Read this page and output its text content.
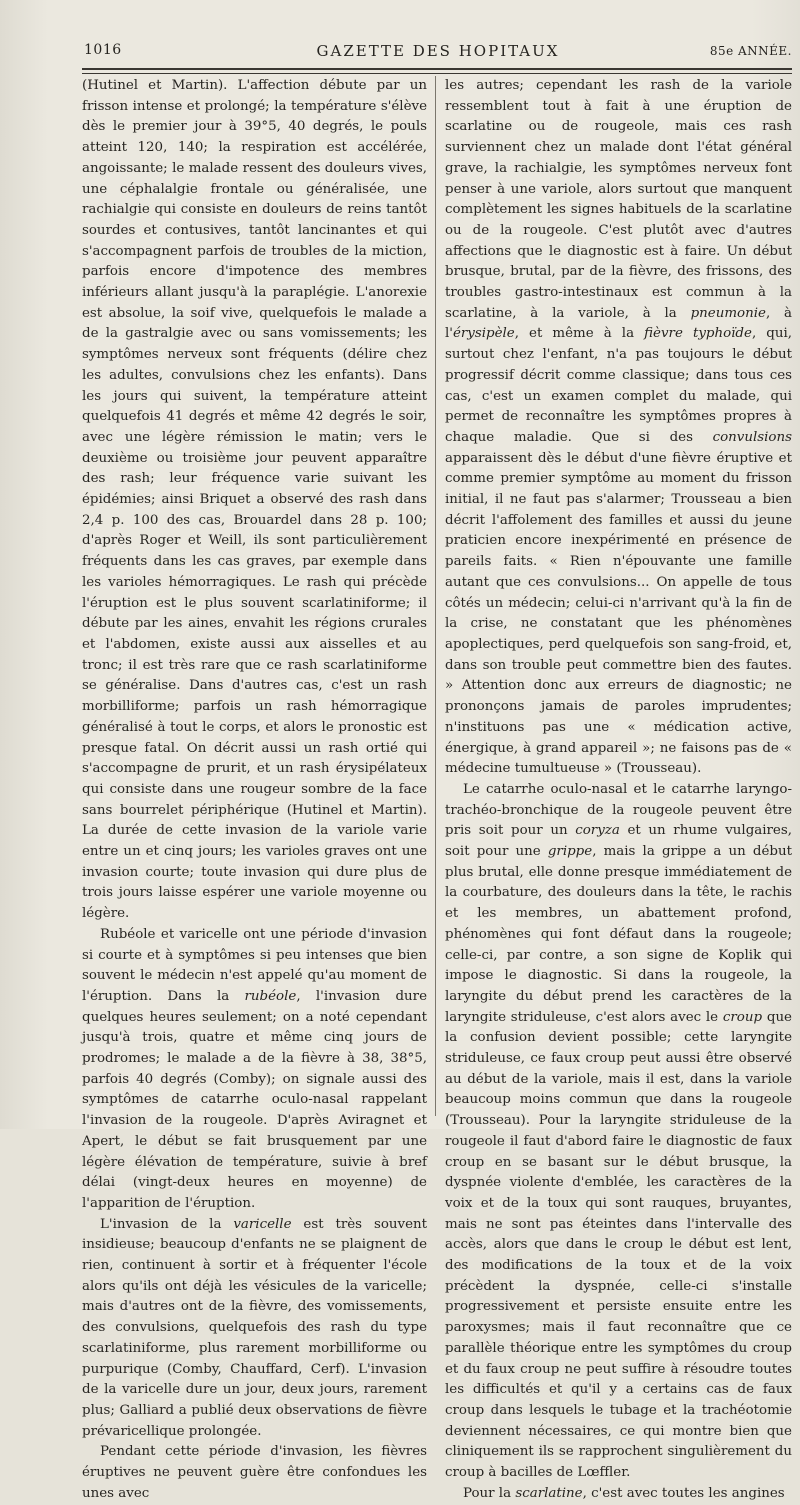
1016	GAZETTE DES HOPITAUX	85e ANNÉE.

(Hutinel et Martin). L'affection débute par un frisson intense et prolongé; la température s'élève dès le premier jour à 39°5, 40 degrés, le pouls atteint 120, 140; la respiration est accélérée, angoissante; le malade ressent des douleurs vives, une céphalalgie frontale ou généralisée, une rachialgie qui consiste en douleurs de reins tantôt sourdes et contusives, tantôt lancinantes et qui s'accompagnent parfois de troubles de la miction, parfois encore d'impotence des membres inférieurs allant jusqu'à la paraplégie. L'anorexie est absolue, la soif vive, quelquefois le malade a de la gastralgie avec ou sans vomissements; les symptômes nerveux sont fréquents (délire chez les adultes, convulsions chez les enfants). Dans les jours qui suivent, la température atteint quelquefois 41 degrés et même 42 degrés le soir, avec une légère rémission le matin; vers le deuxième ou troisième jour peuvent apparaître des rash; leur fréquence varie suivant les épidémies; ainsi Briquet a observé des rash dans 2,4 p. 100 des cas, Brouardel dans 28 p. 100; d'après Roger et Weill, ils sont particulièrement fréquents dans les cas graves, par exemple dans les varioles hémorragiques. Le rash qui précède l'éruption est le plus souvent scarlatiniforme; il débute par les aines, envahit les régions crurales et l'abdomen, existe aussi aux aisselles et au tronc; il est très rare que ce rash scarlatiniforme se généralise. Dans d'autres cas, c'est un rash morbilliforme; parfois un rash hémorragique généralisé à tout le corps, et alors le pronostic est presque fatal. On décrit aussi un rash ortié qui s'accompagne de prurit, et un rash érysipélateux qui consiste dans une rougeur sombre de la face sans bourrelet périphérique (Hutinel et Martin). La durée de cette invasion de la variole varie entre un et cinq jours; les varioles graves ont une invasion courte; toute invasion qui dure plus de trois jours laisse espérer une variole moyenne ou légère.

Rubéole et varicelle ont une période d'invasion si courte et à symptômes si peu intenses que bien souvent le médecin n'est appelé qu'au moment de l'éruption. Dans la rubéole, l'invasion dure quelques heures seulement; on a noté cependant jusqu'à trois, quatre et même cinq jours de prodromes; le malade a de la fièvre à 38, 38°5, parfois 40 degrés (Comby); on signale aussi des symptômes de catarrhe oculo-nasal rappelant l'invasion de la rougeole. D'après Aviragnet et Apert, le début se fait brusquement par une légère élévation de température, suivie à bref délai (vingt-deux heures en moyenne) de l'apparition de l'éruption.

L'invasion de la varicelle est très souvent insidieuse; beaucoup d'enfants ne se plaignent de rien, continuent à sortir et à fréquenter l'école alors qu'ils ont déjà les vésicules de la varicelle; mais d'autres ont de la fièvre, des vomissements, des convulsions, quelquefois des rash du type scarlatiniforme, plus rarement morbilliforme ou purpurique (Comby, Chauffard, Cerf). L'invasion de la varicelle dure un jour, deux jours, rarement plus; Galliard a publié deux observations de fièvre prévaricellique prolongée.

Pendant cette période d'invasion, les fièvres éruptives ne peuvent guère être confondues les unes avec

les autres; cependant les rash de la variole ressemblent tout à fait à une éruption de scarlatine ou de rougeole, mais ces rash surviennent chez un malade dont l'état général grave, la rachialgie, les symptômes nerveux font penser à une variole, alors surtout que manquent complètement les signes habituels de la scarlatine ou de la rougeole. C'est plutôt avec d'autres affections que le diagnostic est à faire. Un début brusque, brutal, par de la fièvre, des frissons, des troubles gastro-intestinaux est commun à la scarlatine, à la variole, à la pneumonie, à l'érysipèle, et même à la fièvre typhoïde, qui, surtout chez l'enfant, n'a pas toujours le début progressif décrit comme classique; dans tous ces cas, c'est un examen complet du malade, qui permet de reconnaître les symptômes propres à chaque maladie. Que si des convulsions apparaissent dès le début d'une fièvre éruptive et comme premier symptôme au moment du frisson initial, il ne faut pas s'alarmer; Trousseau a bien décrit l'affolement des familles et aussi du jeune praticien encore inexpérimenté en présence de pareils faits. « Rien n'épouvante une famille autant que ces convulsions... On appelle de tous côtés un médecin; celui-ci n'arrivant qu'à la fin de la crise, ne constatant que les phénomènes apoplectiques, perd quelquefois son sang-froid, et, dans son trouble peut commettre bien des fautes. » Attention donc aux erreurs de diagnostic; ne prononçons jamais de paroles imprudentes; n'instituons pas une « médication active, énergique, à grand appareil »; ne faisons pas de « médecine tumultueuse » (Trousseau).

Le catarrhe oculo-nasal et le catarrhe laryngo-trachéo-bronchique de la rougeole peuvent être pris soit pour un coryza et un rhume vulgaires, soit pour une grippe, mais la grippe a un début plus brutal, elle donne presque immédiatement de la courbature, des douleurs dans la tête, le rachis et les membres, un abattement profond, phénomènes qui font défaut dans la rougeole; celle-ci, par contre, a son signe de Koplik qui impose le diagnostic. Si dans la rougeole, la laryngite du début prend les caractères de la laryngite striduleuse, c'est alors avec le croup que la confusion devient possible; cette laryngite striduleuse, ce faux croup peut aussi être observé au début de la variole, mais il est, dans la variole beaucoup moins commun que dans la rougeole (Trousseau). Pour la laryngite striduleuse de la rougeole il faut d'abord faire le diagnostic de faux croup en se basant sur le début brusque, la dyspnée violente d'emblée, les caractères de la voix et de la toux qui sont rauques, bruyantes, mais ne sont pas éteintes dans l'intervalle des accès, alors que dans le croup le début est lent, des modifications de la toux et de la voix précèdent la dyspnée, celle-ci s'installe progressivement et persiste ensuite entre les paroxysmes; mais il faut reconnaître que ce parallèle théorique entre les symptômes du croup et du faux croup ne peut suffire à résoudre toutes les difficultés et qu'il y a certains cas de faux croup dans lesquels le tubage et la trachéotomie deviennent nécessaires, ce qui montre bien que cliniquement ils se rapprochent singulièrement du croup à bacilles de Lœffler.

Pour la scarlatine, c'est avec toutes les angines
